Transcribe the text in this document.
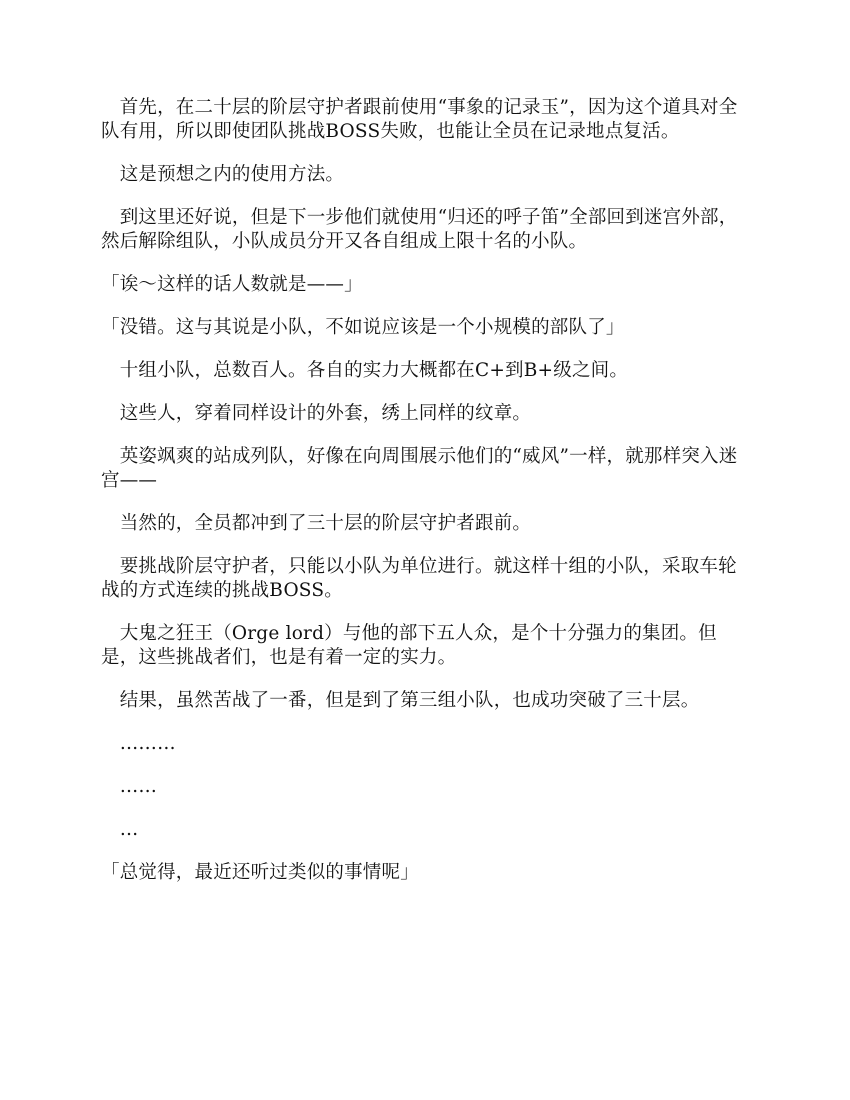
　首先，在二十层的阶层守护者跟前使用“事象的记录玉”，因为这个道具对全队有用，所以即使团队挑战BOSS失败，也能让全员在记录地点复活。

　这是预想之内的使用方法。

　到这里还好说，但是下一步他们就使用“归还的呼子笛”全部回到迷宫外部，然后解除组队，小队成员分开又各自组成上限十名的小队。

「诶～这样的话人数就是——」

「没错。这与其说是小队，不如说应该是一个小规模的部队了」

　十组小队，总数百人。各自的实力大概都在C+到B+级之间。

　这些人，穿着同样设计的外套，绣上同样的纹章。

　英姿飒爽的站成列队，好像在向周围展示他们的“威风”一样，就那样突入迷宫——

　当然的，全员都冲到了三十层的阶层守护者跟前。

　要挑战阶层守护者，只能以小队为单位进行。就这样十组的小队，采取车轮战的方式连续的挑战BOSS。

　大鬼之狂王（Orge lord）与他的部下五人众，是个十分强力的集团。但是，这些挑战者们，也是有着一定的实力。

　结果，虽然苦战了一番，但是到了第三组小队，也成功突破了三十层。

　………

　……

　…

「总觉得，最近还听过类似的事情呢」
